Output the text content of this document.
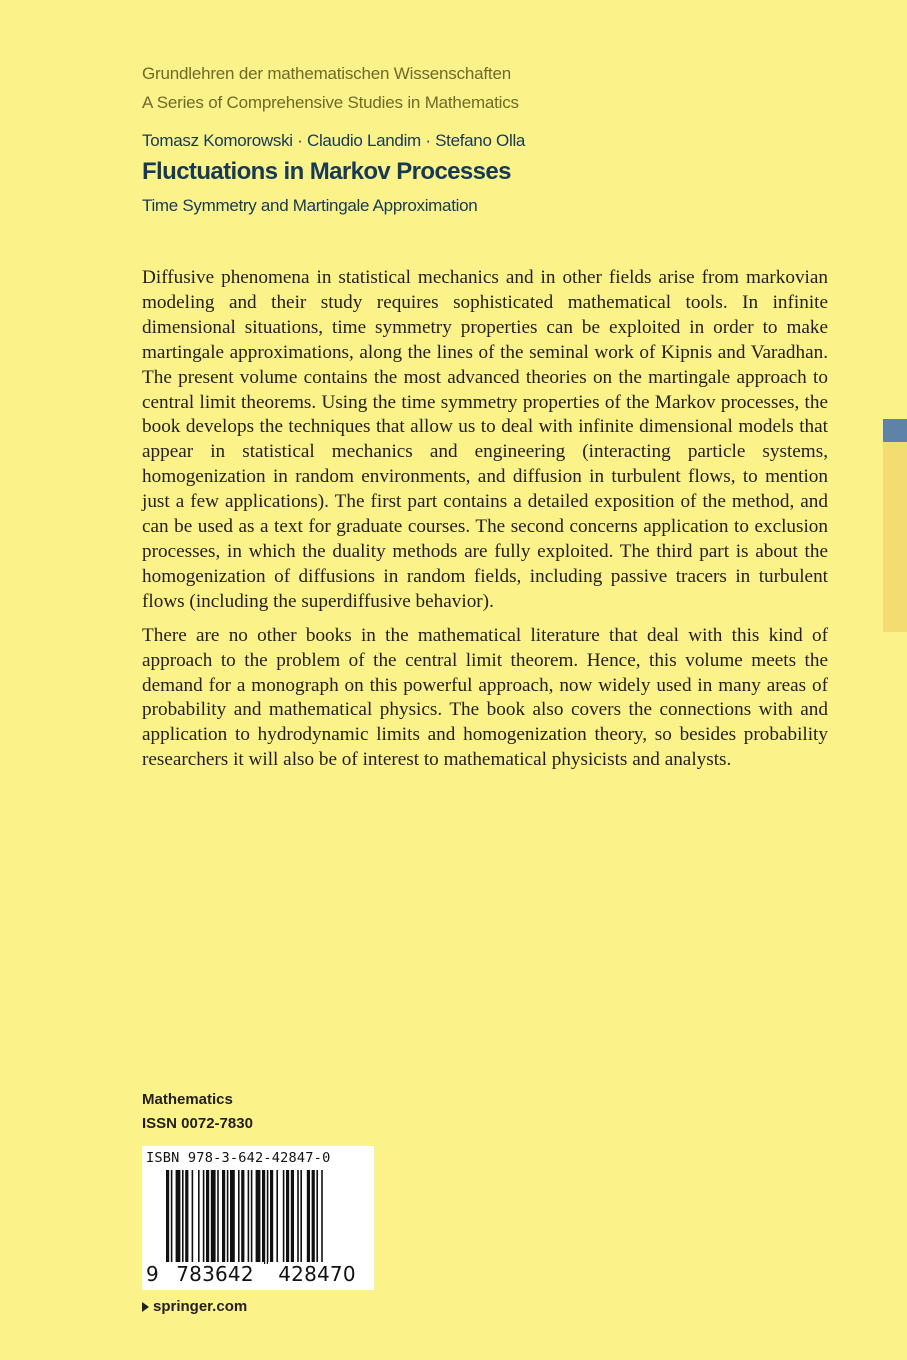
Grundlehren der mathematischen Wissenschaften
A Series of Comprehensive Studies in Mathematics
Tomasz Komorowski · Claudio Landim · Stefano Olla
Fluctuations in Markov Processes
Time Symmetry and Martingale Approximation

Diffusive phenomena in statistical mechanics and in other fields arise from markovian modeling and their study requires sophisticated mathematical tools. In infinite dimensional situations, time symmetry properties can be exploited in order to make martingale approximations, along the lines of the seminal work of Kipnis and Varadhan. The present volume contains the most advanced theories on the martingale approach to central limit theorems. Using the time symmetry properties of the Markov processes, the book develops the techniques that allow us to deal with infinite dimensional models that appear in statistical mechanics and engineering (interacting particle systems, homogenization in random environments, and diffusion in turbulent flows, to mention just a few applications). The first part contains a detailed exposition of the method, and can be used as a text for graduate courses. The second concerns application to exclusion processes, in which the duality methods are fully exploited. The third part is about the homogenization of diffusions in random fields, including passive tracers in turbulent flows (including the superdiffusive behavior).

There are no other books in the mathematical literature that deal with this kind of approach to the problem of the central limit theorem. Hence, this volume meets the demand for a monograph on this powerful approach, now widely used in many areas of probability and mathematical physics. The book also covers the connections with and application to hydrodynamic limits and homogenization theory, so besides probability researchers it will also be of interest to mathematical physicists and analysts.

Mathematics
ISSN 0072-7830
ISBN 978-3-642-42847-0
9 783642	428470
springer.com
